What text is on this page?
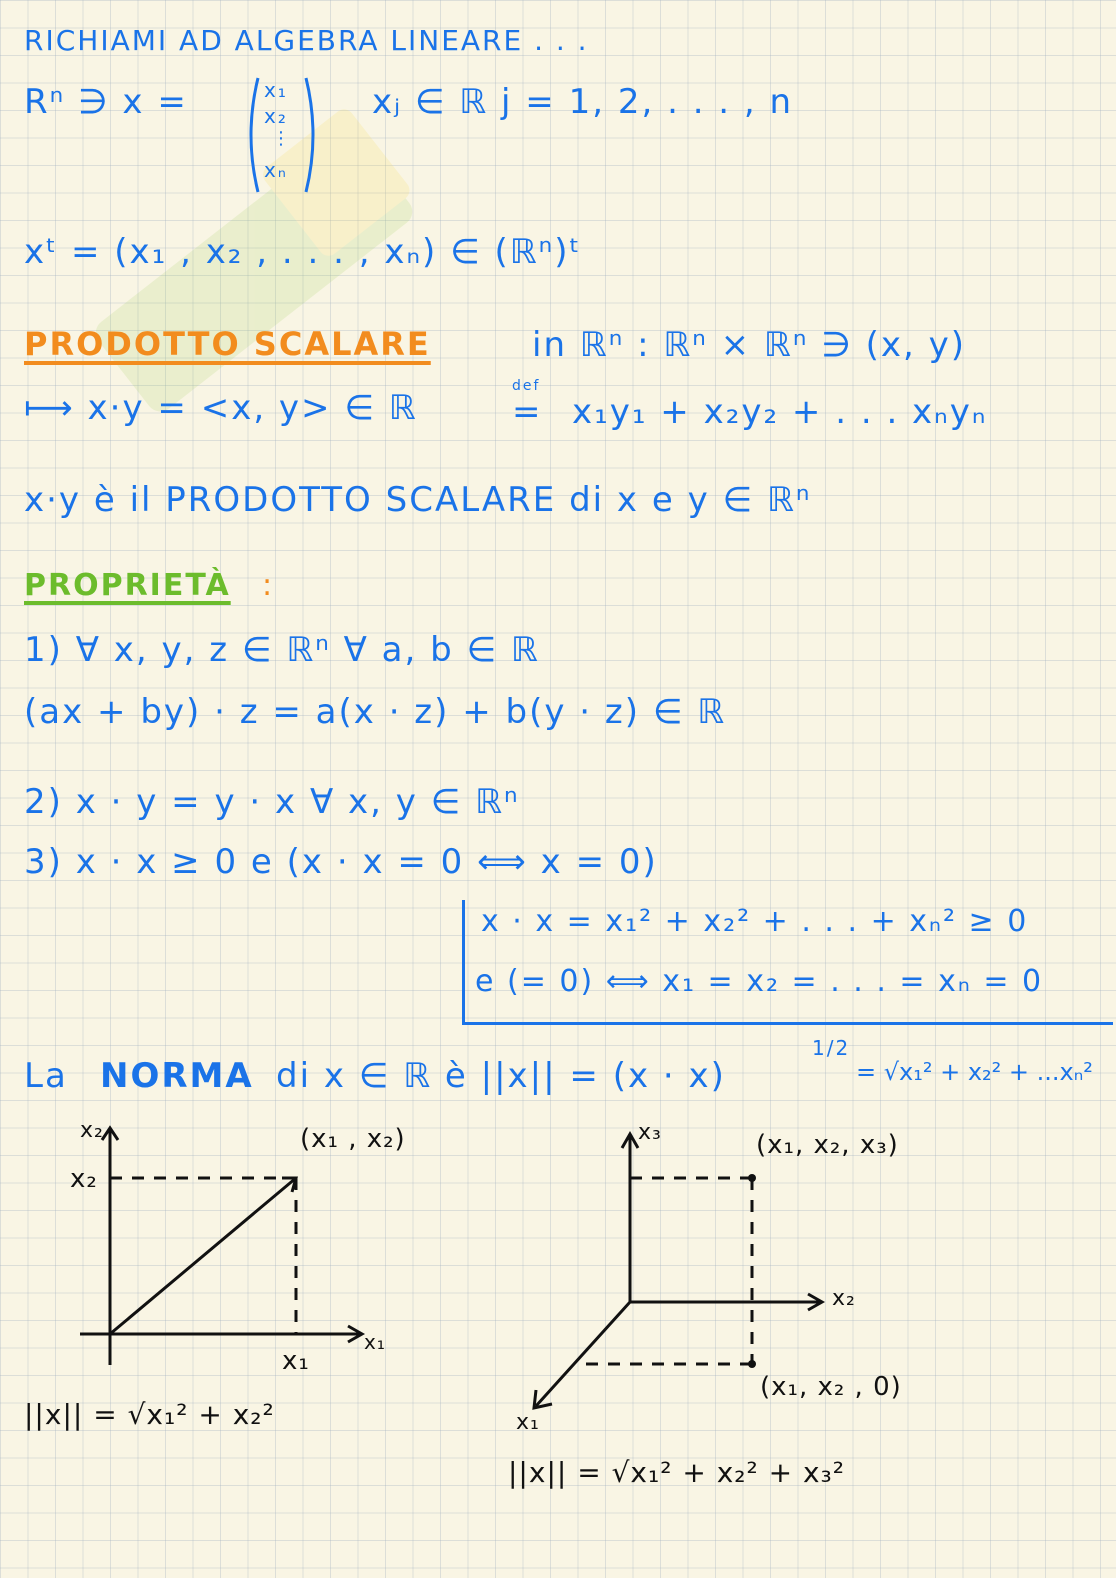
RICHIAMI AD ALGEBRA LINEARE . . .
Rⁿ ∋ x =	x₁
x₂
⋮
xₙ
xⱼ ∈ ℝ j = 1, 2, . . . , n
xᵗ = (x₁ , x₂ , . . . , xₙ) ∈ (ℝⁿ)ᵗ
PRODOTTO SCALARE	in ℝⁿ : ℝⁿ × ℝⁿ ∋ (x, y)
⟼ x·y = <x, y> ∈ ℝ
def
= x₁y₁ + x₂y₂ + . . . xₙyₙ
x·y è il PRODOTTO SCALARE di x e y ∈ ℝⁿ
PROPRIETÀ :
1) ∀ x, y, z ∈ ℝⁿ ∀ a, b ∈ ℝ
(ax + by) · z = a(x · z) + b(y · z) ∈ ℝ
2) x · y = y · x ∀ x, y ∈ ℝⁿ
3) x · x ≥ 0 e (x · x = 0 ⟺ x = 0)
x · x = x₁² + x₂² + . . . + xₙ² ≥ 0
e (= 0) ⟺ x₁ = x₂ = . . . = xₙ = 0
La NORMA di x ∈ ℝ è ||x|| = (x · x)
1/2
= √x₁² + x₂² + ...xₙ²
x₂
x₂
(x₁ , x₂)
x₁
x₁
||x|| = √x₁² + x₂²
x₃	(x₁, x₂, x₃)
x₂
(x₁, x₂ , 0)
x₁
||x|| = √x₁² + x₂² + x₃²
